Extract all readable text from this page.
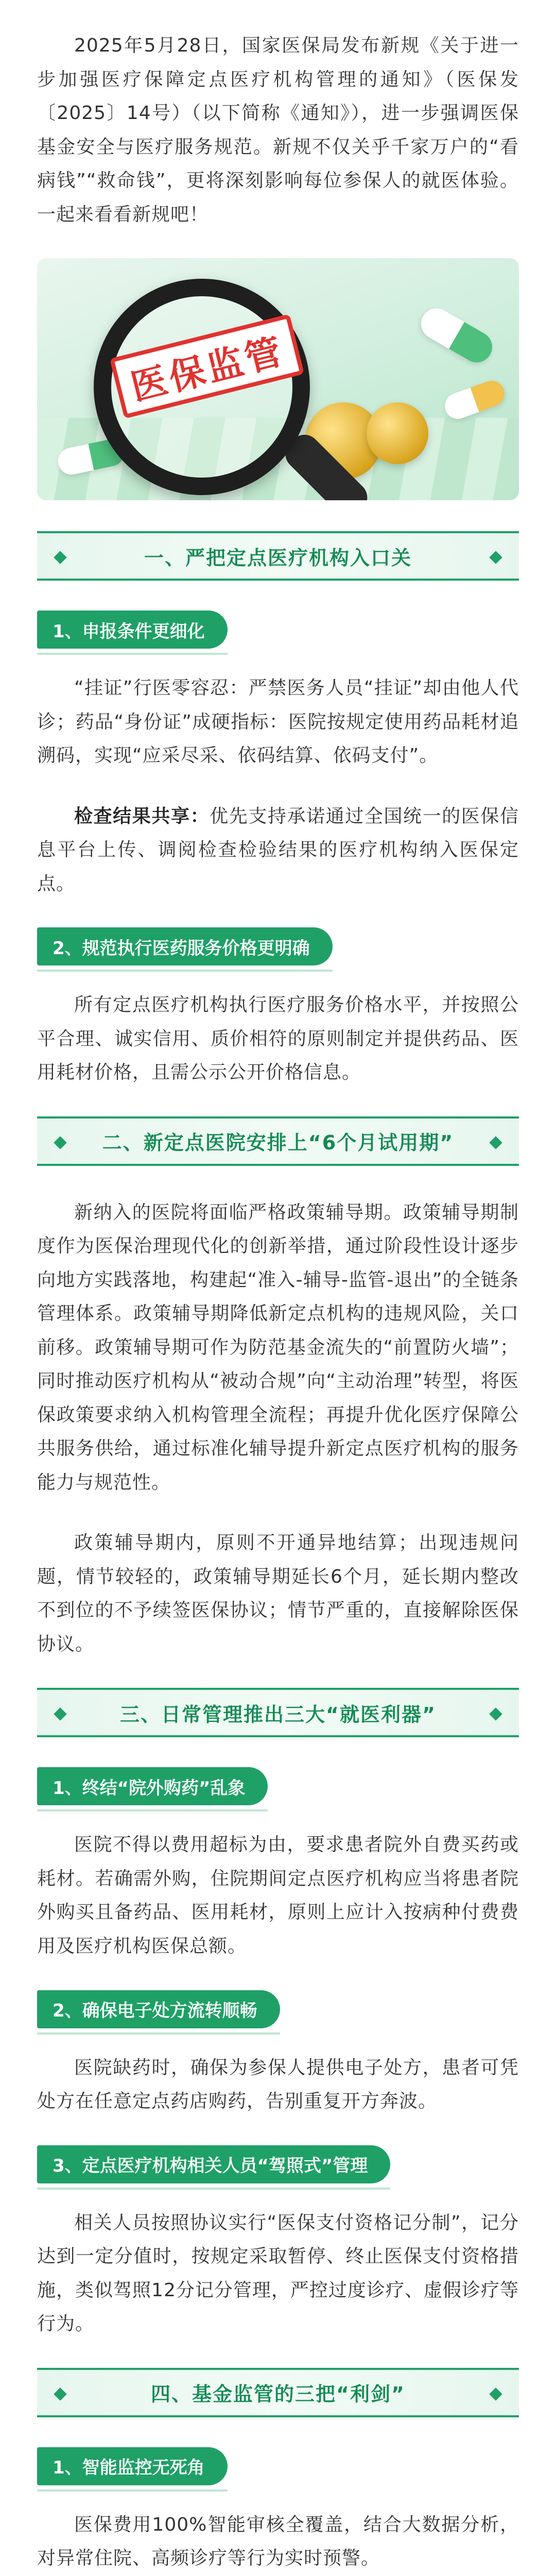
2025年5月28日，国家医保局发布新规《关于进一步加强医疗保障定点医疗机构管理的通知》（医保发〔2025〕14号）（以下简称《通知》），进一步强调医保基金安全与医疗服务规范。新规不仅关乎千家万户的“看病钱”“救命钱”，更将深刻影响每位参保人的就医体验。一起来看看新规吧！

医保监管
一、严把定点医疗机构入口关
1、申报条件更细化

“挂证”行医零容忍：严禁医务人员“挂证”却由他人代诊；药品“身份证”成硬指标：医院按规定使用药品耗材追溯码，实现“应采尽采、依码结算、依码支付”。

检查结果共享：优先支持承诺通过全国统一的医保信息平台上传、调阅检查检验结果的医疗机构纳入医保定点。

2、规范执行医药服务价格更明确

所有定点医疗机构执行医疗服务价格水平，并按照公平合理、诚实信用、质价相符的原则制定并提供药品、医用耗材价格，且需公示公开价格信息。

二、新定点医院安排上“6个月试用期”

新纳入的医院将面临严格政策辅导期。政策辅导期制度作为医保治理现代化的创新举措，通过阶段性设计逐步向地方实践落地，构建起“准入-辅导-监管-退出”的全链条管理体系。政策辅导期降低新定点机构的违规风险，关口前移。政策辅导期可作为防范基金流失的“前置防火墙”；同时推动医疗机构从“被动合规”向“主动治理”转型，将医保政策要求纳入机构管理全流程；再提升优化医疗保障公共服务供给，通过标准化辅导提升新定点医疗机构的服务能力与规范性。

政策辅导期内，原则不开通异地结算；出现违规问题，情节较轻的，政策辅导期延长6个月，延长期内整改不到位的不予续签医保协议；情节严重的，直接解除医保协议。

三、日常管理推出三大“就医利器”
1、终结“院外购药”乱象

医院不得以费用超标为由，要求患者院外自费买药或耗材。若确需外购，住院期间定点医疗机构应当将患者院外购买且备药品、医用耗材，原则上应计入按病种付费费用及医疗机构医保总额。

2、确保电子处方流转顺畅

医院缺药时，确保为参保人提供电子处方，患者可凭处方在任意定点药店购药，告别重复开方奔波。

3、定点医疗机构相关人员“驾照式”管理

相关人员按照协议实行“医保支付资格记分制”，记分达到一定分值时，按规定采取暂停、终止医保支付资格措施，类似驾照12分记分管理，严控过度诊疗、虚假诊疗等行为。

四、基金监管的三把“利剑”
1、智能监控无死角

医保费用100%智能审核全覆盖，结合大数据分析，对异常住院、高频诊疗等行为实时预警。
